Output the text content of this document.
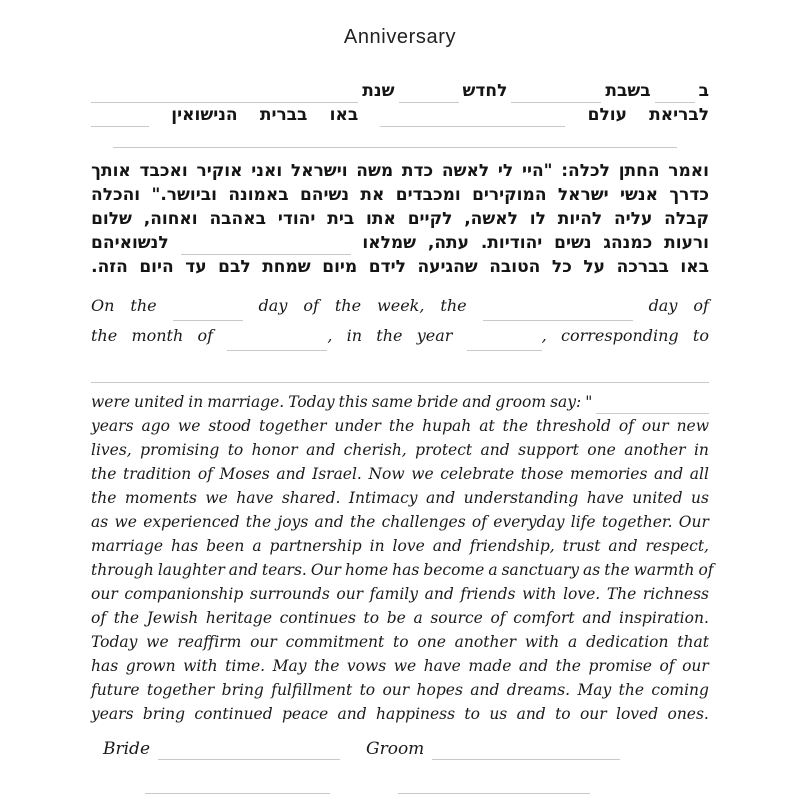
Anniversary
ב
בשבת
לחדש
שנת
לבריאת
עולם
באו
בברית
הנישואין
ואמר
החתן
לכלה:
"היי
לי
לאשה
כדת
משה
וישראל
ואני
אוקיר
ואכבד
אותך
כדרך
אנשי
ישראל
המוקירים
ומכבדים
את
נשיהם
באמונה
וביושר."
והכלה
קבלה
עליה
להיות
לו
לאשה,
לקיים
אתו
בית
יהודי
באהבה
ואחוה,
שלום
ורעות
כמנהג
נשים
יהודיות.
עתה,
שמלאו
לנשואיהם
באו
בברכה
על
כל
הטובה
שהגיעה
לידם
מיום
שמחת
לבם
עד
היום
הזה.
On the	day of the week, the	day of
the month of	, in the year	, corresponding to
were united in marriage. Today this same bride and groom say: "
years ago we stood together under the hupah at the threshold of our new
lives, promising to honor and cherish, protect and support one another in
the tradition of Moses and Israel. Now we celebrate those memories and all
the moments we have shared. Intimacy and understanding have united us
as we experienced the joys and the challenges of everyday life together. Our
marriage has been a partnership in love and friendship, trust and respect,
through laughter and tears. Our home has become a sanctuary as the warmth of
our companionship surrounds our family and friends with love. The richness
of the Jewish heritage continues to be a source of comfort and inspiration.
Today we reaffirm our commitment to one another with a dedication that
has grown with time. May the vows we have made and the promise of our
future together bring fulfillment to our hopes and dreams. May the coming
years bring continued peace and happiness to us and to our loved ones.
Bride	Groom
